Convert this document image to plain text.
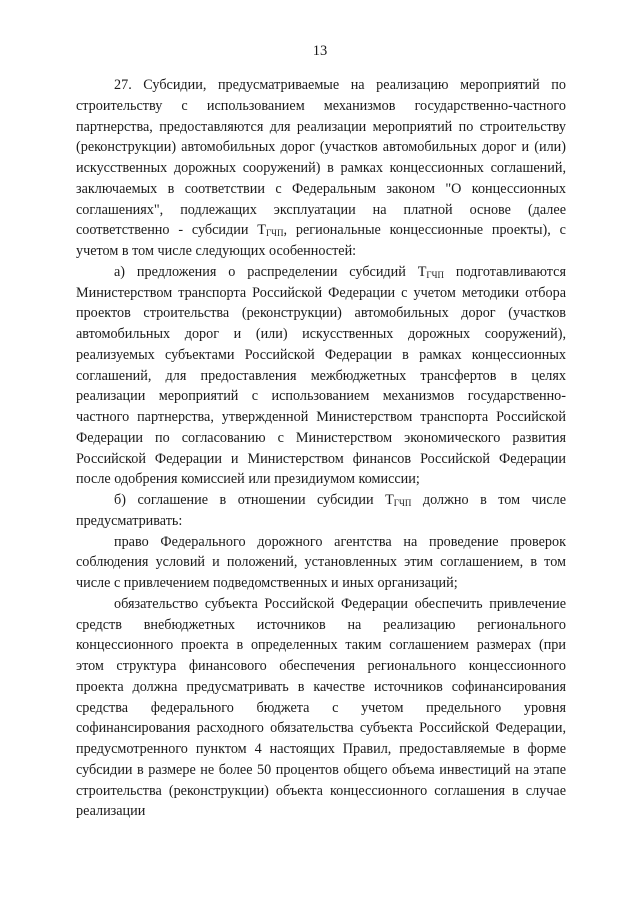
13

27. Субсидии, предусматриваемые на реализацию мероприятий по строительству с использованием механизмов государственно-частного партнерства, предоставляются для реализации мероприятий по строительству (реконструкции) автомобильных дорог (участков автомобильных дорог и (или) искусственных дорожных сооружений) в рамках концессионных соглашений, заключаемых в соответствии с Федеральным законом "О концессионных соглашениях", подлежащих эксплуатации на платной основе (далее соответственно - субсидии $Т_{ГЧП}$, региональные концессионные проекты), с учетом в том числе следующих особенностей:

а) предложения о распределении субсидий $Т_{ГЧП}$ подготавливаются Министерством транспорта Российской Федерации с учетом методики отбора проектов строительства (реконструкции) автомобильных дорог (участков автомобильных дорог и (или) искусственных дорожных сооружений), реализуемых субъектами Российской Федерации в рамках концессионных соглашений, для предоставления межбюджетных трансфертов в целях реализации мероприятий с использованием механизмов государственно-частного партнерства, утвержденной Министерством транспорта Российской Федерации по согласованию с Министерством экономического развития Российской Федерации и Министерством финансов Российской Федерации после одобрения комиссией или президиумом комиссии;

б) соглашение в отношении субсидии $Т_{ГЧП}$ должно в том числе предусматривать:

право Федерального дорожного агентства на проведение проверок соблюдения условий и положений, установленных этим соглашением, в том числе с привлечением подведомственных и иных организаций;

обязательство субъекта Российской Федерации обеспечить привлечение средств внебюджетных источников на реализацию регионального концессионного проекта в определенных таким соглашением размерах (при этом структура финансового обеспечения регионального концессионного проекта должна предусматривать в качестве источников софинансирования средства федерального бюджета с учетом предельного уровня софинансирования расходного обязательства субъекта Российской Федерации, предусмотренного пунктом 4 настоящих Правил, предоставляемые в форме субсидии в размере не более 50 процентов общего объема инвестиций на этапе строительства (реконструкции) объекта концессионного соглашения в случае реализации
